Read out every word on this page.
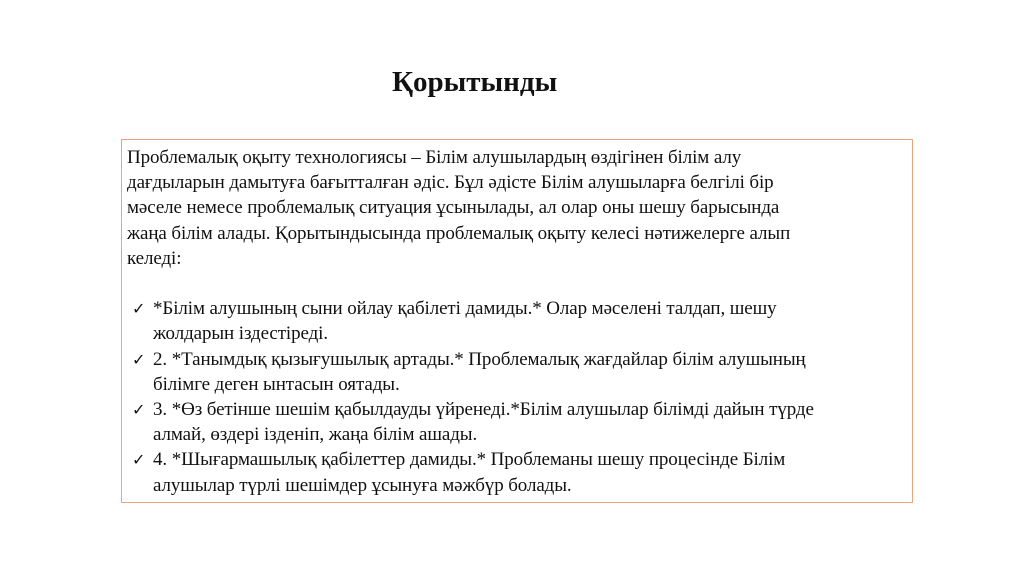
Қорытынды

Проблемалық оқыту технологиясы – Білім алушылардың өздігінен білім алу
дағдыларын дамытуға бағытталған әдіс. Бұл әдісте Білім алушыларға белгілі бір
мәселе немесе проблемалық ситуация ұсынылады, ал олар оны шешу барысында
жаңа білім алады. Қорытындысында проблемалық оқыту келесі нәтижелерге алып
келеді:

✓ *Білім алушының сыни ойлау қабілеті дамиды.* Олар мәселені талдап, шешу
жолдарын іздестіреді.
✓ 2. *Танымдық қызығушылық артады.* Проблемалық жағдайлар білім алушының
білімге деген ынтасын оятады.
✓ 3. *Өз бетінше шешім қабылдауды үйренеді.*Білім алушылар білімді дайын түрде
алмай, өздері ізденіп, жаңа білім ашады.
✓ 4. *Шығармашылық қабілеттер дамиды.* Проблеманы шешу процесінде Білім
алушылар түрлі шешімдер ұсынуға мәжбүр болады.
